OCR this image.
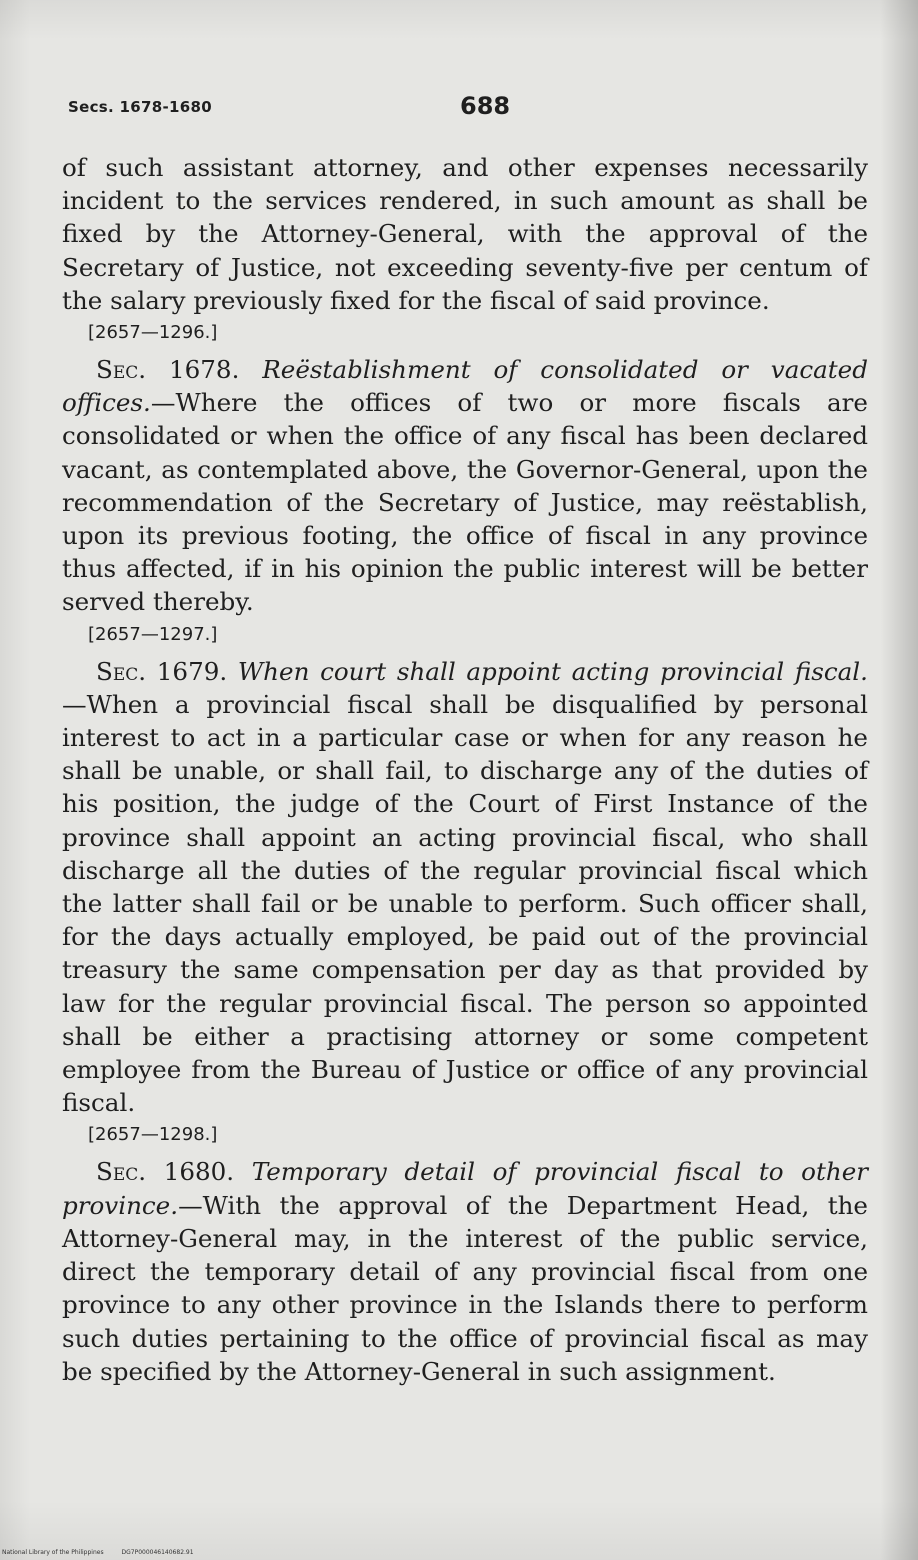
Secs. 1678-1680	688

of such assistant attorney, and other expenses necessarily incident to the services rendered, in such amount as shall be fixed by the Attorney-General, with the approval of the Secretary of Justice, not exceeding seventy-five per centum of the salary previously fixed for the fiscal of said province.

[2657—1296.]

Sec. 1678. Reëstablishment of consolidated or vacated offices.—Where the offices of two or more fiscals are consolidated or when the office of any fiscal has been declared vacant, as contemplated above, the Governor-General, upon the recommendation of the Secretary of Justice, may reëstablish, upon its previous footing, the office of fiscal in any province thus affected, if in his opinion the public interest will be better served thereby.

[2657—1297.]

Sec. 1679. When court shall appoint acting provincial fiscal.—When a provincial fiscal shall be disqualified by personal interest to act in a particular case or when for any reason he shall be unable, or shall fail, to discharge any of the duties of his position, the judge of the Court of First Instance of the province shall appoint an acting provincial fiscal, who shall discharge all the duties of the regular provincial fiscal which the latter shall fail or be unable to perform. Such officer shall, for the days actually employed, be paid out of the provincial treasury the same compensation per day as that provided by law for the regular provincial fiscal. The person so appointed shall be either a practising attorney or some competent employee from the Bureau of Justice or office of any provincial fiscal.

[2657—1298.]

Sec. 1680. Temporary detail of provincial fiscal to other province.—With the approval of the Department Head, the Attorney-General may, in the interest of the public service, direct the temporary detail of any provincial fiscal from one province to any other province in the Islands there to perform such duties pertaining to the office of provincial fiscal as may be specified by the Attorney-General in such assignment.

National Library of the Philippines	DG7P000046140682.91
